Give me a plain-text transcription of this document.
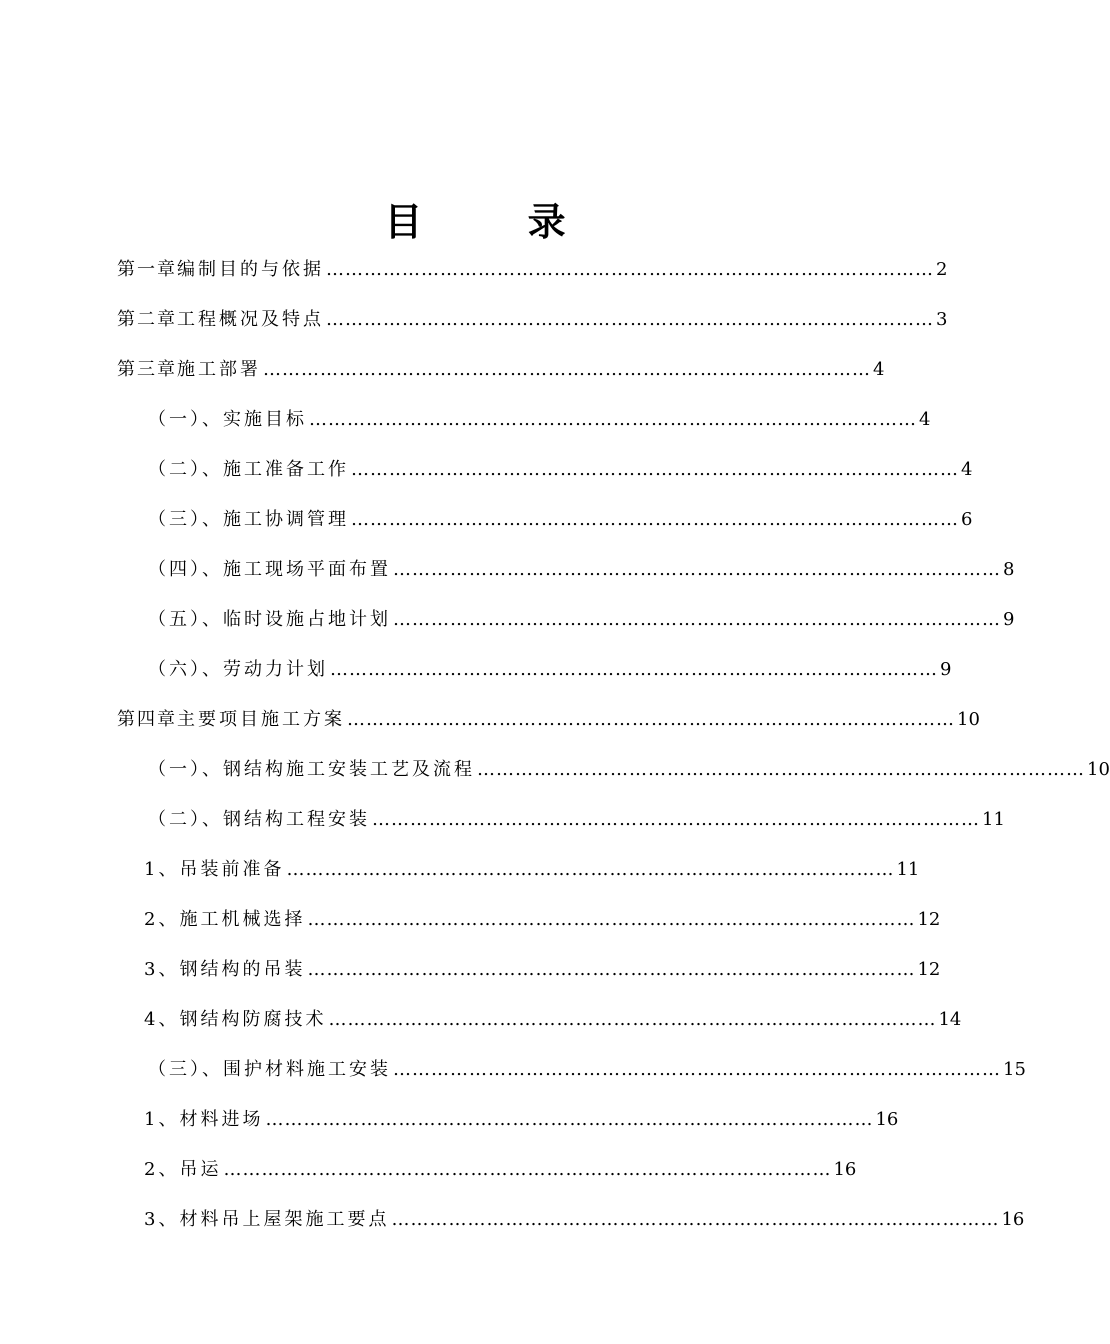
目 录
第一章 编制目的与依据 …………………………………………………………………………………… 2
第二章 工程概况及特点 …………………………………………………………………………………… 3
第三章 施工部署 …………………………………………………………………………………… 4
（一）、实施目标 …………………………………………………………………………………… 4
（二）、施工准备工作 …………………………………………………………………………………… 4
（三）、施工协调管理 …………………………………………………………………………………… 6
（四）、施工现场平面布置 …………………………………………………………………………………… 8
（五）、临时设施占地计划 …………………………………………………………………………………… 9
（六）、劳动力计划 …………………………………………………………………………………… 9
第四章 主要项目施工方案 …………………………………………………………………………………… 10
（一）、钢结构施工安装工艺及流程 …………………………………………………………………………………… 10
（二）、钢结构工程安装 …………………………………………………………………………………… 11
1、吊装前准备 …………………………………………………………………………………… 11
2、施工机械选择 …………………………………………………………………………………… 12
3、钢结构的吊装 …………………………………………………………………………………… 12
4、钢结构防腐技术 …………………………………………………………………………………… 14
（三）、围护材料施工安装 …………………………………………………………………………………… 15
1、材料进场 …………………………………………………………………………………… 16
2、吊运 …………………………………………………………………………………… 16
3、材料吊上屋架施工要点 …………………………………………………………………………………… 16
